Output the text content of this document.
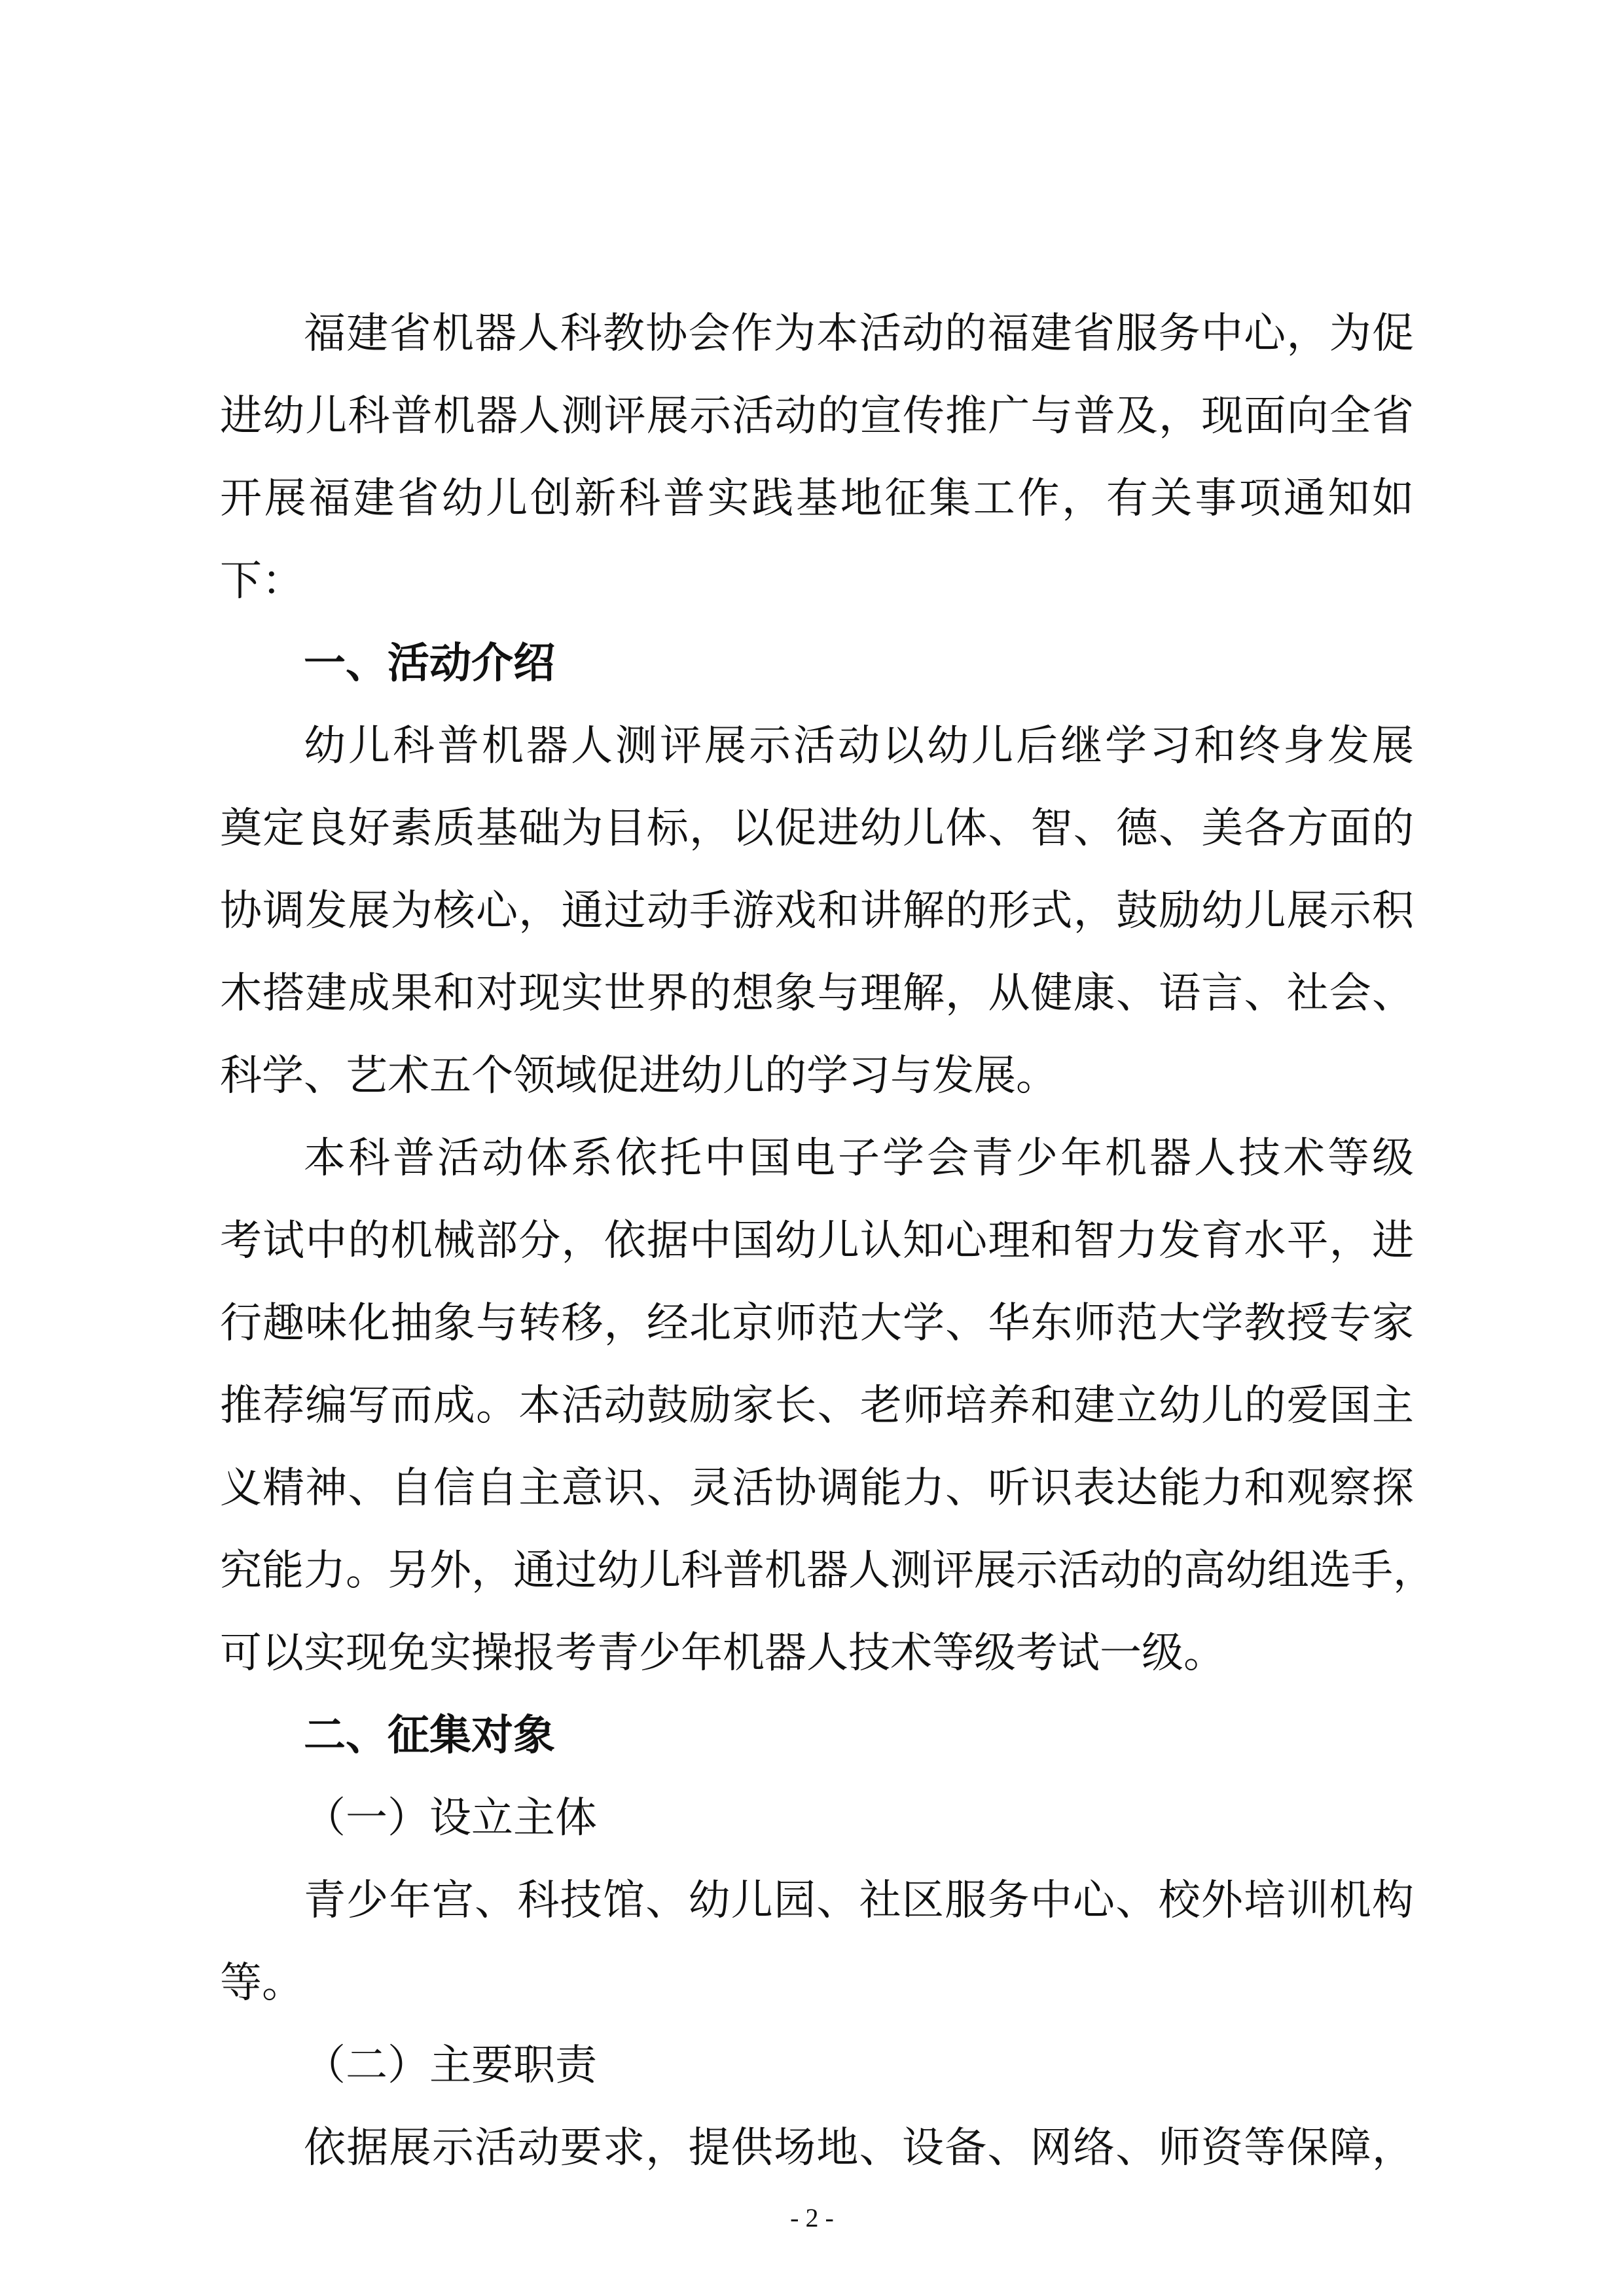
福建省机器人科教协会作为本活动的福建省服务中心，为促
进幼儿科普机器人测评展示活动的宣传推广与普及，现面向全省
开展福建省幼儿创新科普实践基地征集工作，有关事项通知如
下：
一、活动介绍
幼儿科普机器人测评展示活动以幼儿后继学习和终身发展
奠定良好素质基础为目标，以促进幼儿体、智、德、美各方面的
协调发展为核心，通过动手游戏和讲解的形式，鼓励幼儿展示积
木搭建成果和对现实世界的想象与理解，从健康、语言、社会、
科学、艺术五个领域促进幼儿的学习与发展。
本科普活动体系依托中国电子学会青少年机器人技术等级
考试中的机械部分，依据中国幼儿认知心理和智力发育水平，进
行趣味化抽象与转移，经北京师范大学、华东师范大学教授专家
推荐编写而成。本活动鼓励家长、老师培养和建立幼儿的爱国主
义精神、自信自主意识、灵活协调能力、听识表达能力和观察探
究能力。另外，通过幼儿科普机器人测评展示活动的高幼组选手，
可以实现免实操报考青少年机器人技术等级考试一级。
二、征集对象
（一）设立主体
青少年宫、科技馆、幼儿园、社区服务中心、校外培训机构
等。
（二）主要职责
依据展示活动要求，提供场地、设备、网络、师资等保障，
- 2 -
